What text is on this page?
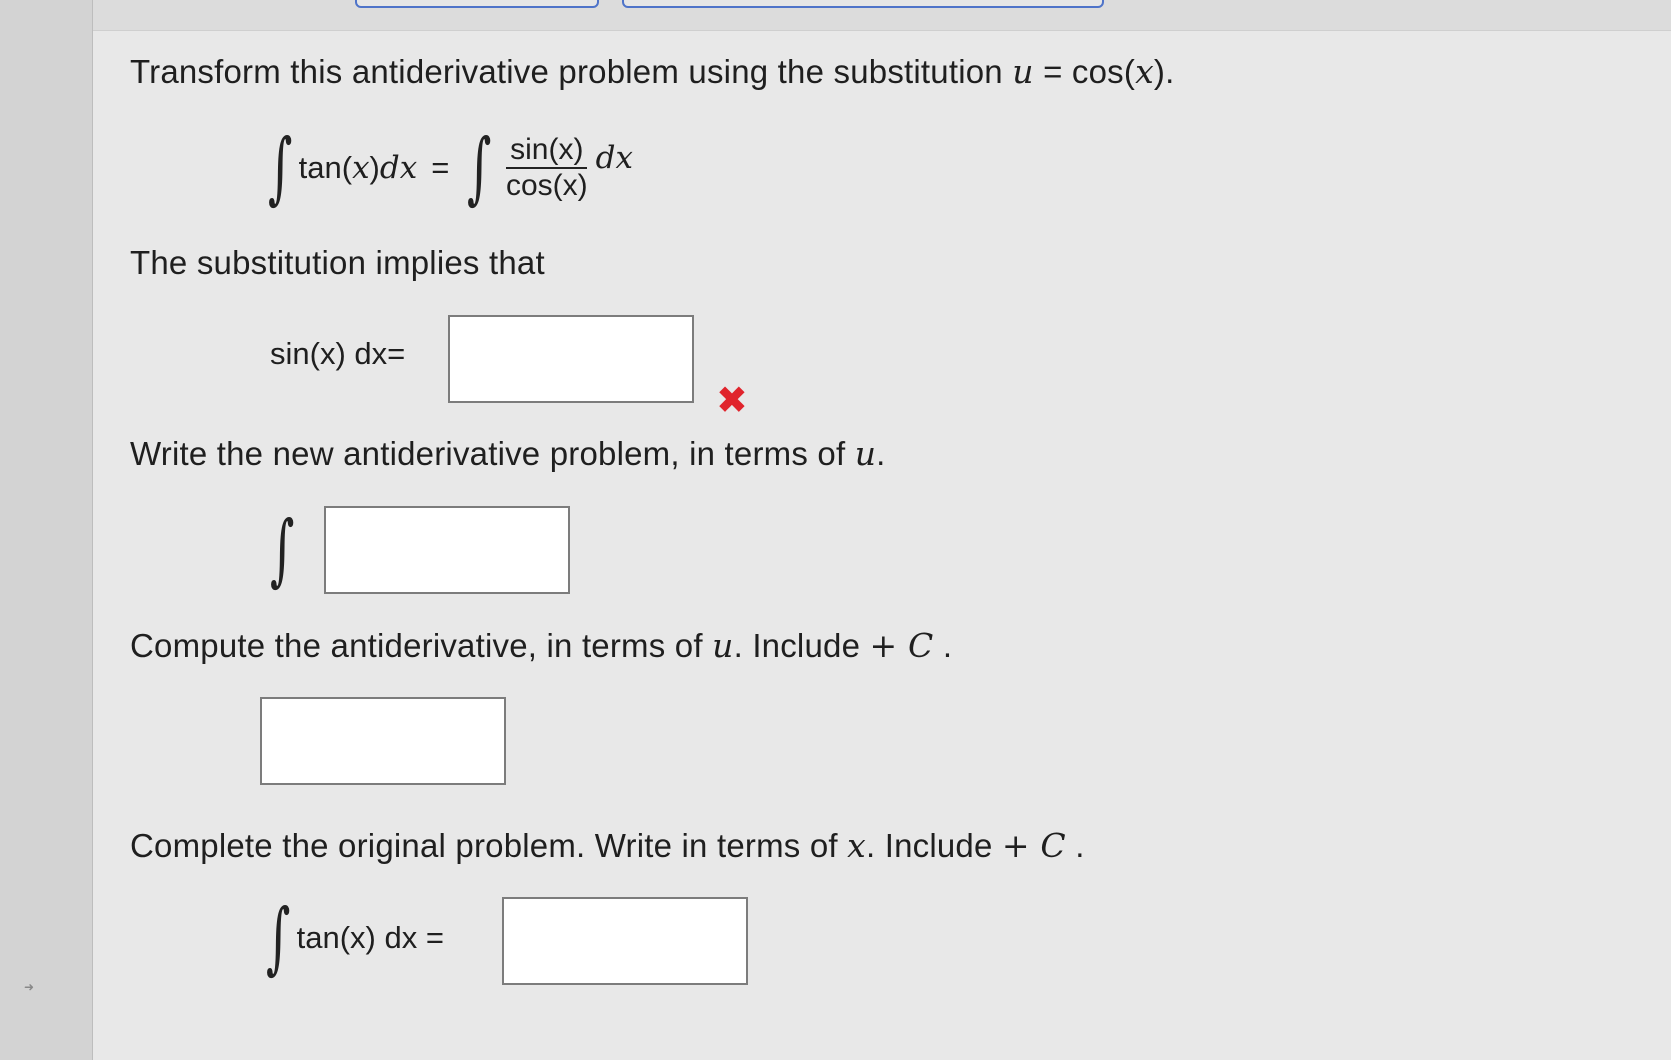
➜
Transform this antiderivative problem using the substitution u = cos(x).
∫ tan( x ) dx = ∫ $\frac{\sin(x)}{\cos(x)}$ dx
The substitution implies that
sin(x) dx=
✖
Write the new antiderivative problem, in terms of u.
∫
Compute the antiderivative, in terms of u. Include + C .
Complete the original problem. Write in terms of x. Include + C .
∫ tan(x) dx =
